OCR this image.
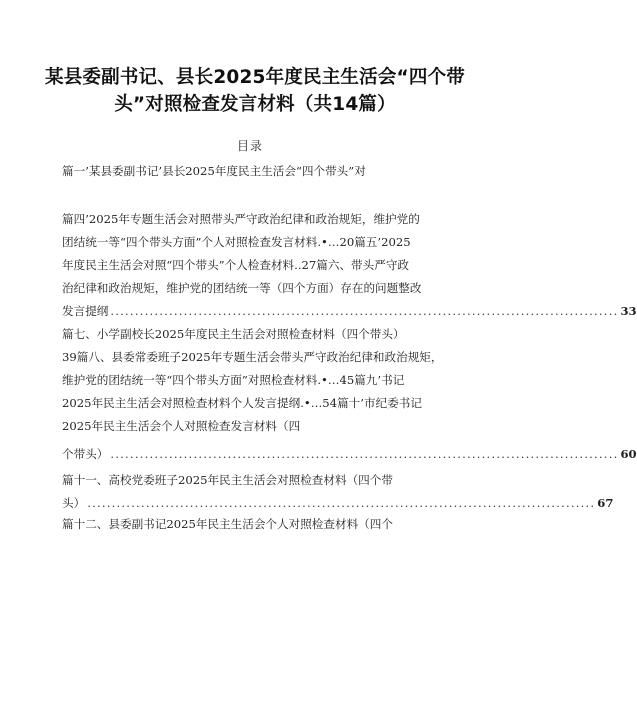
某县委副书记、县长2025年度民主生活会“四个带
头”对照检查发言材料（共14篇）
目录
篇一’某县委副书记’县长2025年度民主生活会“四个带头”对
篇四’2025年专题生活会对照带头严守政治纪律和政治规矩，维护党的
团结统一等“四个带头方面”个人对照检查发言材料.•…20篇五’2025
年度民主生活会对照“四个带头”个人检查材料..27篇六、带头严守政
治纪律和政治规矩，维护党的团结统一等（四个方面）存在的问题整改
发言提纲 ........................................................................................................ 33
篇七、小学副校长2025年度民主生活会对照检查材料（四个带头）
39篇八、县委常委班子2025年专题生活会带头严守政治纪律和政治规矩，
维护党的团结统一等“四个带头方面”对照检查材料.•…45篇九’书记
2025年民主生活会对照检查材料个人发言提纲.•…54篇十’市纪委书记
2025年民主生活会个人对照检查发言材料（四
个带头） ........................................................................................................ 60
篇十一、高校党委班子2025年民主生活会对照检查材料（四个带
头） ........................................................................................................ 67
篇十二、县委副书记2025年民主生活会个人对照检查材料（四个
